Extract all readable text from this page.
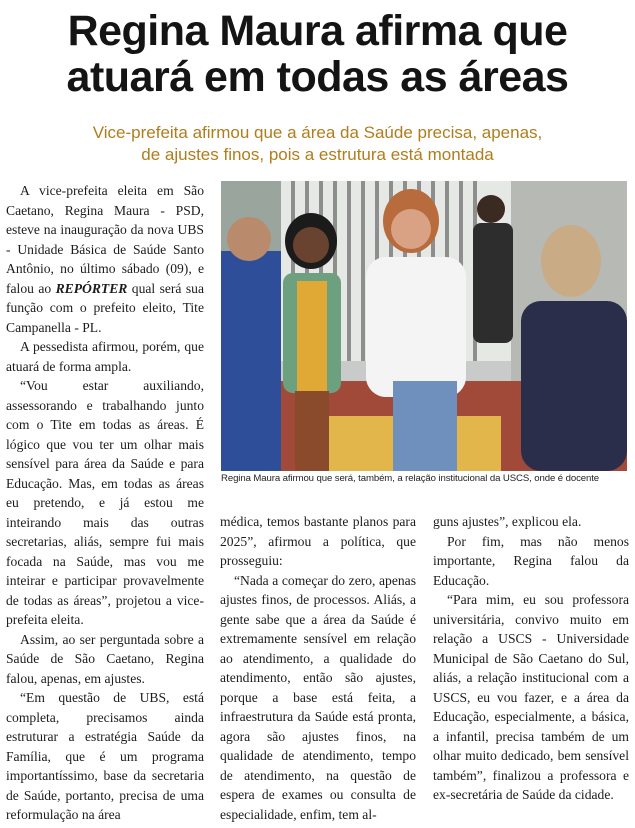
Regina Maura afirma que
atuará em todas as áreas
Vice-prefeita afirmou que a área da Saúde precisa, apenas,
de ajustes finos, pois a estrutura está montada

A vice-prefeita eleita em São Caetano, Regina Maura - PSD, esteve na inauguração da nova UBS - Unidade Básica de Saúde Santo Antônio, no último sábado (09), e falou ao REPÓRTER qual será sua função com o prefeito eleito, Tite Campanella - PL.

A pessedista afirmou, porém, que atuará de forma ampla.

“Vou estar auxiliando, assessorando e trabalhando junto com o Tite em todas as áreas. É lógico que vou ter um olhar mais sensível para área da Saúde e para Educação. Mas, em todas as áreas eu pretendo, e já estou me inteirando mais das outras secretarias, aliás, sempre fui mais focada na Saúde, mas vou me inteirar e participar provavelmente de todas as áreas”, projetou a vice-prefeita eleita.

Assim, ao ser perguntada sobre a Saúde de São Caetano, Regina falou, apenas, em ajustes.

“Em questão de UBS, está completa, precisamos ainda estruturar a estratégia Saúde da Família, que é um programa importantíssimo, base da secretaria de Saúde, portanto, precisa de uma reformulação na área

Regina Maura afirmou que será, também, a relação institucional da USCS, onde é docente

médica, temos bastante planos para 2025”, afirmou a política, que prosseguiu:

“Nada a começar do zero, apenas ajustes finos, de processos. Aliás, a gente sabe que a área da Saúde é extremamente sensível em relação ao atendimento, a qualidade do atendimento, então são ajustes, porque a base está feita, a infraestrutura da Saúde está pronta, agora são ajustes finos, na qualidade de atendimento, tempo de atendimento, na questão de espera de exames ou consulta de especialidade, enfim, tem al-

guns ajustes”, explicou ela.

Por fim, mas não menos importante, Regina falou da Educação.

“Para mim, eu sou professora universitária, convivo muito em relação a USCS - Universidade Municipal de São Caetano do Sul, aliás, a relação institucional com a USCS, eu vou fazer, e a área da Educação, especialmente, a básica, a infantil, precisa também de um olhar muito dedicado, bem sensível também”, finalizou a professora e ex-secretária de Saúde da cidade.
